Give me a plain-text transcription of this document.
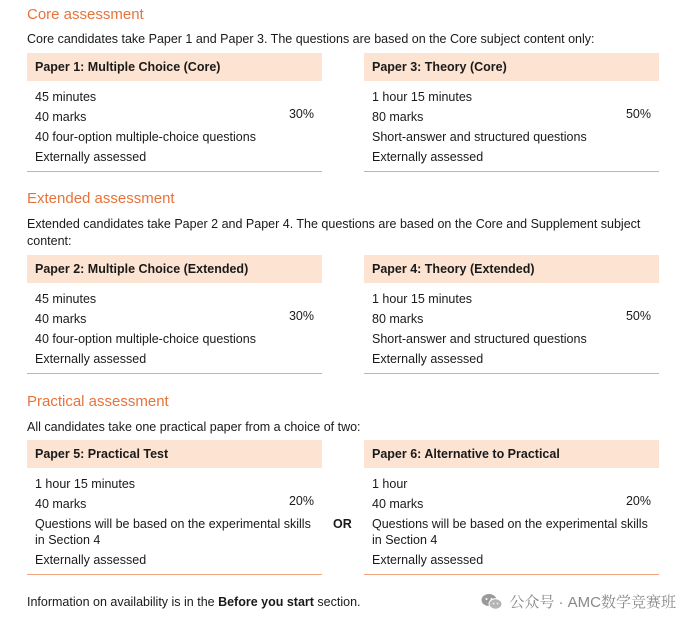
Core assessment
Core candidates take Paper 1 and Paper 3. The questions are based on the Core subject content only:
Paper 1: Multiple Choice (Core)
45 minutes
40 marks
40 four-option multiple-choice questions
Externally assessed
30%
Paper 3: Theory (Core)
1 hour 15 minutes
80 marks
Short-answer and structured questions
Externally assessed
50%
Extended assessment
Extended candidates take Paper 2 and Paper 4. The questions are based on the Core and Supplement subject content:
Paper 2: Multiple Choice (Extended)
45 minutes
40 marks
40 four-option multiple-choice questions
Externally assessed
30%
Paper 4: Theory (Extended)
1 hour 15 minutes
80 marks
Short-answer and structured questions
Externally assessed
50%
Practical assessment
All candidates take one practical paper from a choice of two:
Paper 5: Practical Test
1 hour 15 minutes
40 marks
Questions will be based on the experimental skills in Section 4
Externally assessed
20%
OR
Paper 6: Alternative to Practical
1 hour
40 marks
Questions will be based on the experimental skills in Section 4
Externally assessed
20%
Information on availability is in the Before you start section.	公众号 · AMC数学竞赛班
